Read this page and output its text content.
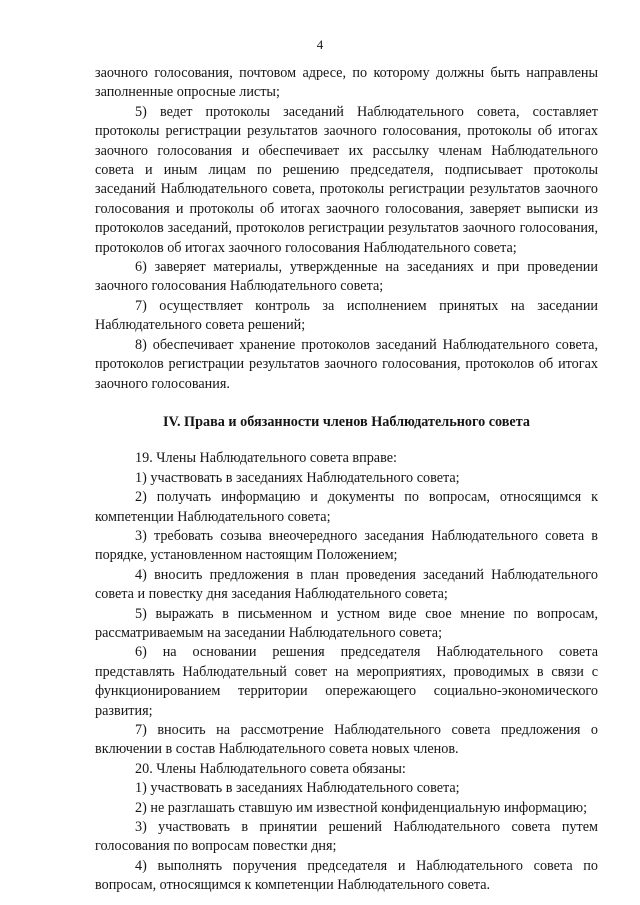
4

заочного голосования, почтовом адресе, по которому должны быть направлены заполненные опросные листы;

5) ведет протоколы заседаний Наблюдательного совета, составляет протоколы регистрации результатов заочного голосования, протоколы об итогах заочного голосования и обеспечивает их рассылку членам Наблюдательного совета и иным лицам по решению председателя, подписывает протоколы заседаний Наблюдательного совета, протоколы регистрации результатов заочного голосования и протоколы об итогах заочного голосования, заверяет выписки из протоколов заседаний, протоколов регистрации результатов заочного голосования, протоколов об итогах заочного голосования Наблюдательного совета;

6) заверяет материалы, утвержденные на заседаниях и при проведении заочного голосования Наблюдательного совета;

7) осуществляет контроль за исполнением принятых на заседании Наблюдательного совета решений;

8) обеспечивает хранение протоколов заседаний Наблюдательного совета, протоколов регистрации результатов заочного голосования, протоколов об итогах заочного голосования.

IV. Права и обязанности членов Наблюдательного совета

19. Члены Наблюдательного совета вправе:

1) участвовать в заседаниях Наблюдательного совета;

2) получать информацию и документы по вопросам, относящимся к компетенции Наблюдательного совета;

3) требовать созыва внеочередного заседания Наблюдательного совета в порядке, установленном настоящим Положением;

4) вносить предложения в план проведения заседаний Наблюдательного совета и повестку дня заседания Наблюдательного совета;

5) выражать в письменном и устном виде свое мнение по вопросам, рассматриваемым на заседании Наблюдательного совета;

6) на основании решения председателя Наблюдательного совета представлять Наблюдательный совет на мероприятиях, проводимых в связи с функционированием территории опережающего социально-экономического развития;

7) вносить на рассмотрение Наблюдательного совета предложения о включении в состав Наблюдательного совета новых членов.

20. Члены Наблюдательного совета обязаны:

1) участвовать в заседаниях Наблюдательного совета;

2) не разглашать ставшую им известной конфиденциальную информацию;

3) участвовать в принятии решений Наблюдательного совета путем голосования по вопросам повестки дня;

4) выполнять поручения председателя и Наблюдательного совета по вопросам, относящимся к компетенции Наблюдательного совета.
